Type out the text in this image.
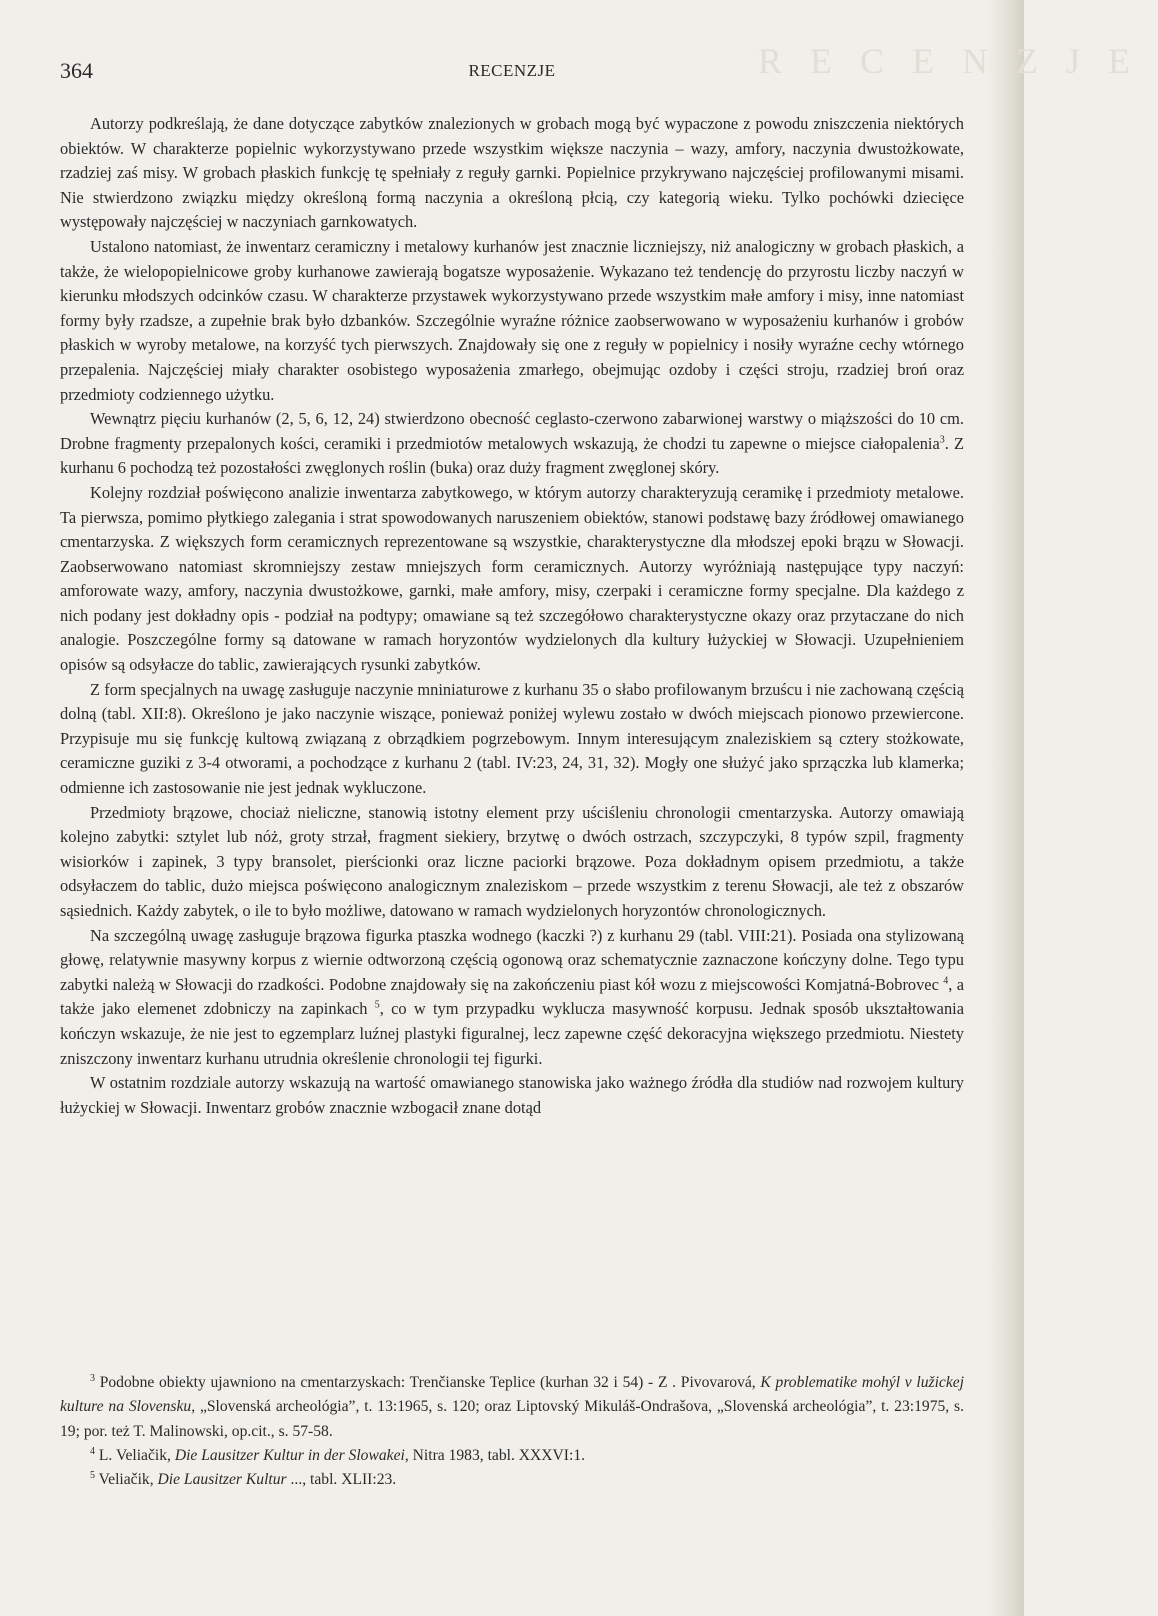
RECENZJE
RECENZJE
364

Autorzy podkreślają, że dane dotyczące zabytków znalezionych w grobach mogą być wypaczone z powodu zniszczenia niektórych obiektów. W charakterze popielnic wykorzystywano przede wszystkim większe naczynia – wazy, amfory, naczynia dwustożkowate, rzadziej zaś misy. W grobach płaskich funkcję tę spełniały z reguły garnki. Popielnice przykrywano najczęściej profilowanymi misami. Nie stwierdzono związku między określoną formą naczynia a określoną płcią, czy kategorią wieku. Tylko pochówki dziecięce występowały najczęściej w naczyniach garnkowatych.

Ustalono natomiast, że inwentarz ceramiczny i metalowy kurhanów jest znacznie liczniejszy, niż analogiczny w grobach płaskich, a także, że wielopopielnicowe groby kurhanowe zawierają bogatsze wyposażenie. Wykazano też tendencję do przyrostu liczby naczyń w kierunku młodszych odcinków czasu. W charakterze przystawek wykorzystywano przede wszystkim małe amfory i misy, inne natomiast formy były rzadsze, a zupełnie brak było dzbanków. Szczególnie wyraźne różnice zaobserwowano w wyposażeniu kurhanów i grobów płaskich w wyroby metalowe, na korzyść tych pierwszych. Znajdowały się one z reguły w popielnicy i nosiły wyraźne cechy wtórnego przepalenia. Najczęściej miały charakter osobistego wyposażenia zmarłego, obejmując ozdoby i części stroju, rzadziej broń oraz przedmioty codziennego użytku.

Wewnątrz pięciu kurhanów (2, 5, 6, 12, 24) stwierdzono obecność ceglasto-czerwono zabarwionej warstwy o miąższości do 10 cm. Drobne fragmenty przepalonych kości, ceramiki i przedmiotów metalowych wskazują, że chodzi tu zapewne o miejsce ciałopalenia$^3$. Z kurhanu 6 pochodzą też pozostałości zwęglonych roślin (buka) oraz duży fragment zwęglonej skóry.

Kolejny rozdział poświęcono analizie inwentarza zabytkowego, w którym autorzy charakteryzują ceramikę i przedmioty metalowe. Ta pierwsza, pomimo płytkiego zalegania i strat spowodowanych naruszeniem obiektów, stanowi podstawę bazy źródłowej omawianego cmentarzyska. Z większych form ceramicznych reprezentowane są wszystkie, charakterystyczne dla młodszej epoki brązu w Słowacji. Zaobserwowano natomiast skromniejszy zestaw mniejszych form ceramicznych. Autorzy wyróżniają następujące typy naczyń: amforowate wazy, amfory, naczynia dwustożkowe, garnki, małe amfory, misy, czerpaki i ceramiczne formy specjalne. Dla każdego z nich podany jest dokładny opis - podział na podtypy; omawiane są też szczegółowo charakterystyczne okazy oraz przytaczane do nich analogie. Poszczególne formy są datowane w ramach horyzontów wydzielonych dla kultury łużyckiej w Słowacji. Uzupełnieniem opisów są odsyłacze do tablic, zawierających rysunki zabytków.

Z form specjalnych na uwagę zasługuje naczynie mniniaturowe z kurhanu 35 o słabo profilowanym brzuścu i nie zachowaną częścią dolną (tabl. XII:8). Określono je jako naczynie wiszące, ponieważ poniżej wylewu zostało w dwóch miejscach pionowo przewiercone. Przypisuje mu się funkcję kultową związaną z obrządkiem pogrzebowym. Innym interesującym znaleziskiem są cztery stożkowate, ceramiczne guziki z 3-4 otworami, a pochodzące z kurhanu 2 (tabl. IV:23, 24, 31, 32). Mogły one służyć jako sprzączka lub klamerka; odmienne ich zastosowanie nie jest jednak wykluczone.

Przedmioty brązowe, chociaż nieliczne, stanowią istotny element przy uściśleniu chronologii cmentarzyska. Autorzy omawiają kolejno zabytki: sztylet lub nóż, groty strzał, fragment siekiery, brzytwę o dwóch ostrzach, szczypczyki, 8 typów szpil, fragmenty wisiorków i zapinek, 3 typy bransolet, pierścionki oraz liczne paciorki brązowe. Poza dokładnym opisem przedmiotu, a także odsyłaczem do tablic, dużo miejsca poświęcono analogicznym znaleziskom – przede wszystkim z terenu Słowacji, ale też z obszarów sąsiednich. Każdy zabytek, o ile to było możliwe, datowano w ramach wydzielonych horyzontów chronologicznych.

Na szczególną uwagę zasługuje brązowa figurka ptaszka wodnego (kaczki ?) z kurhanu 29 (tabl. VIII:21). Posiada ona stylizowaną głowę, relatywnie masywny korpus z wiernie odtworzoną częścią ogonową oraz schematycznie zaznaczone kończyny dolne. Tego typu zabytki należą w Słowacji do rzadkości. Podobne znajdowały się na zakończeniu piast kół wozu z miejscowości Komjatná-Bobrovec $^4$, a także jako elemenet zdobniczy na zapinkach $^5$, co w tym przypadku wyklucza masywność korpusu. Jednak sposób ukształtowania kończyn wskazuje, że nie jest to egzemplarz luźnej plastyki figuralnej, lecz zapewne część dekoracyjna większego przedmiotu. Niestety zniszczony inwentarz kurhanu utrudnia określenie chronologii tej figurki.

W ostatnim rozdziale autorzy wskazują na wartość omawianego stanowiska jako ważnego źródła dla studiów nad rozwojem kultury łużyckiej w Słowacji. Inwentarz grobów znacznie wzbogacił znane dotąd

$^3$ Podobne obiekty ujawniono na cmentarzyskach: Trenčianske Teplice (kurhan 32 i 54) - Z . Pivovarová, K problematike mohýl v lužickej kulture na Slovensku, „Slovenská archeológia”, t. 13:1965, s. 120; oraz Liptovský Mikuláš-Ondrašova, „Slovenská archeológia”, t. 23:1975, s. 19; por. też T. Malinowski, op.cit., s. 57-58.

$^4$ L. Veliačik, Die Lausitzer Kultur in der Slowakei, Nitra 1983, tabl. XXXVI:1.

$^5$ Veliačik, Die Lausitzer Kultur ..., tabl. XLII:23.
